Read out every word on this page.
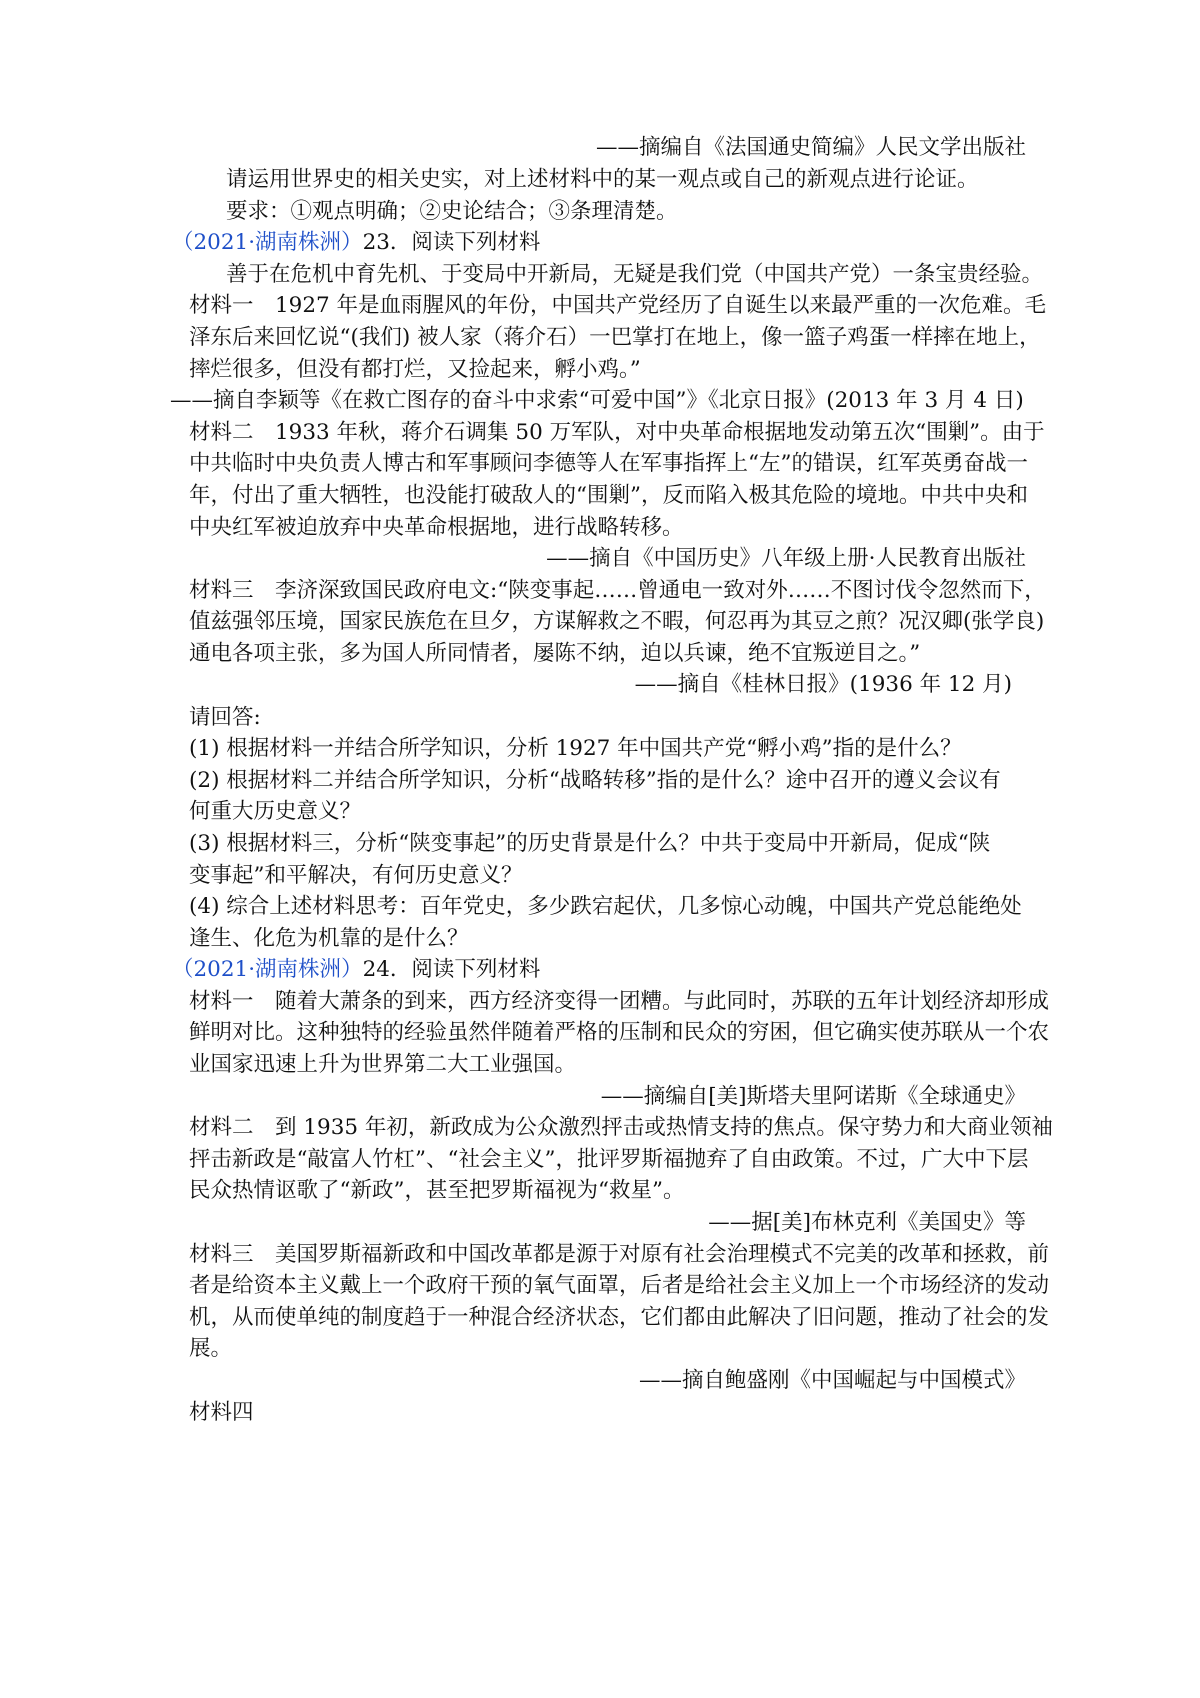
——摘编自《法国通史简编》人民文学出版社
请运用世界史的相关史实，对上述材料中的某一观点或自己的新观点进行论证。
要求：①观点明确；②史论结合；③条理清楚。
（2021·湖南株洲）23．阅读下列材料
善于在危机中育先机、于变局中开新局，无疑是我们党（中国共产党）一条宝贵经验。
材料一　1927 年是血雨腥风的年份，中国共产党经历了自诞生以来最严重的一次危难。毛
泽东后来回忆说“(我们) 被人家（蒋介石）一巴掌打在地上，像一篮子鸡蛋一样摔在地上，
摔烂很多，但没有都打烂，又捡起来，孵小鸡。”
——摘自李颖等《在救亡图存的奋斗中求索“可爱中国”》《北京日报》(2013 年 3 月 4 日)
材料二　1933 年秋，蒋介石调集 50 万军队，对中央革命根据地发动第五次“围剿”。由于
中共临时中央负责人博古和军事顾问李德等人在军事指挥上“左”的错误，红军英勇奋战一
年，付出了重大牺牲，也没能打破敌人的“围剿”，反而陷入极其危险的境地。中共中央和
中央红军被迫放弃中央革命根据地，进行战略转移。
——摘自《中国历史》八年级上册·人民教育出版社
材料三　李济深致国民政府电文:“陕变事起……曾通电一致对外……不图讨伐令忽然而下，
值兹强邻压境，国家民族危在旦夕，方谋解救之不暇，何忍再为其豆之煎？况汉卿(张学良)
通电各项主张，多为国人所同情者，屡陈不纳，迫以兵谏，绝不宜叛逆目之。”
——摘自《桂林日报》(1936 年 12 月)
请回答:
(1) 根据材料一并结合所学知识，分析 1927 年中国共产党“孵小鸡”指的是什么？
(2) 根据材料二并结合所学知识，分析“战略转移”指的是什么？途中召开的遵义会议有
何重大历史意义？
(3) 根据材料三，分析“陕变事起”的历史背景是什么？中共于变局中开新局，促成“陕
变事起”和平解决，有何历史意义？
(4) 综合上述材料思考：百年党史，多少跌宕起伏，几多惊心动魄，中国共产党总能绝处
逢生、化危为机靠的是什么？
（2021·湖南株洲）24．阅读下列材料
材料一　随着大萧条的到来，西方经济变得一团糟。与此同时，苏联的五年计划经济却形成
鲜明对比。这种独特的经验虽然伴随着严格的压制和民众的穷困，但它确实使苏联从一个农
业国家迅速上升为世界第二大工业强国。
——摘编自[美]斯塔夫里阿诺斯《全球通史》
材料二　到 1935 年初，新政成为公众激烈抨击或热情支持的焦点。保守势力和大商业领袖
抨击新政是“敲富人竹杠”、“社会主义”，批评罗斯福抛弃了自由政策。不过，广大中下层
民众热情讴歌了“新政”，甚至把罗斯福视为“救星”。
——据[美]布林克利《美国史》等
材料三　美国罗斯福新政和中国改革都是源于对原有社会治理模式不完美的改革和拯救，前
者是给资本主义戴上一个政府干预的氧气面罩，后者是给社会主义加上一个市场经济的发动
机，从而使单纯的制度趋于一种混合经济状态，它们都由此解决了旧问题，推动了社会的发
展。
——摘自鲍盛刚《中国崛起与中国模式》
材料四
